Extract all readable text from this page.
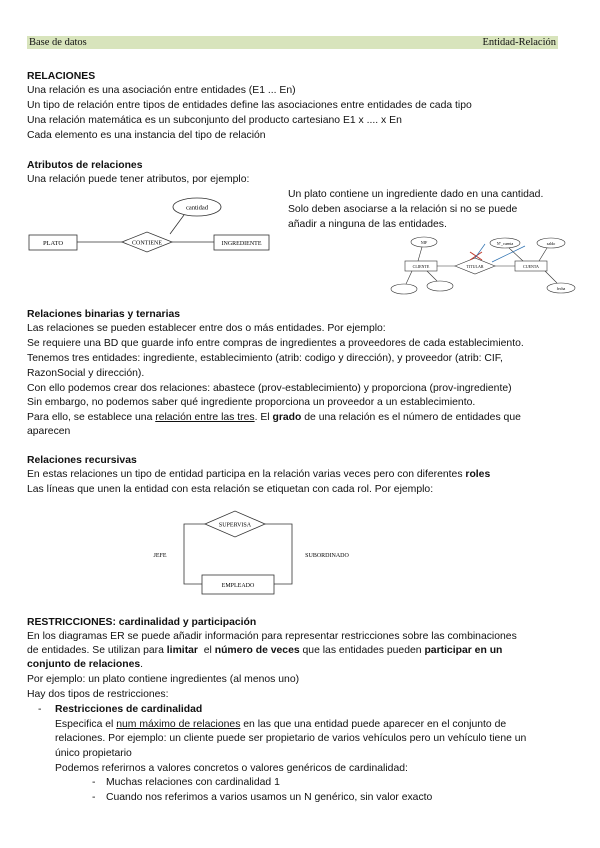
Base de datos	Entidad-Relación
RELACIONES
Una relación es una asociación entre entidades (E1 ... En)
Un tipo de relación entre tipos de entidades define las asociaciones entre entidades de cada tipo
Una relación matemática es un subconjunto del producto cartesiano E1 x .... x En
Cada elemento es una instancia del tipo de relación
Atributos de relaciones
Una relación puede tener atributos, por ejemplo:
cantidad
PLATO	CONTIENE	INGREDIENTE
Un plato contiene un ingrediente dado en una cantidad.
Solo deben asociarse a la relación si no se puede
añadir a ninguna de las entidades.
NIF
CLIENTE	TITULAR	CUENTA
Nº_cuenta	saldo
fecha
Relaciones binarias y ternarias
Las relaciones se pueden establecer entre dos o más entidades. Por ejemplo:
Se requiere una BD que guarde info entre compras de ingredientes a proveedores de cada establecimiento.
Tenemos tres entidades: ingrediente, establecimiento (atrib: codigo y dirección), y proveedor (atrib: CIF,
RazonSocial y dirección).
Con ello podemos crear dos relaciones: abastece (prov-establecimiento) y proporciona (prov-ingrediente)
Sin embargo, no podemos saber qué ingrediente proporciona un proveedor a un establecimiento.
Para ello, se establece una relación entre las tres. El grado de una relación es el número de entidades que
aparecen
Relaciones recursivas
En estas relaciones un tipo de entidad participa en la relación varias veces pero con diferentes roles
Las líneas que unen la entidad con esta relación se etiquetan con cada rol. Por ejemplo:
SUPERVISA
EMPLEADO
JEFE	SUBORDINADO
RESTRICCIONES: cardinalidad y participación
En los diagramas ER se puede añadir información para representar restricciones sobre las combinaciones
de entidades. Se utilizan para limitar  el número de veces que las entidades pueden participar en un
conjunto de relaciones.
Por ejemplo: un plato contiene ingredientes (al menos uno)
Hay dos tipos de restricciones:
- Restricciones de cardinalidad
Especifica el num máximo de relaciones en las que una entidad puede aparecer en el conjunto de
relaciones. Por ejemplo: un cliente puede ser propietario de varios vehículos pero un vehículo tiene un
único propietario
Podemos referirnos a valores concretos o valores genéricos de cardinalidad:
- Muchas relaciones con cardinalidad 1
- Cuando nos referimos a varios usamos un N genérico, sin valor exacto
